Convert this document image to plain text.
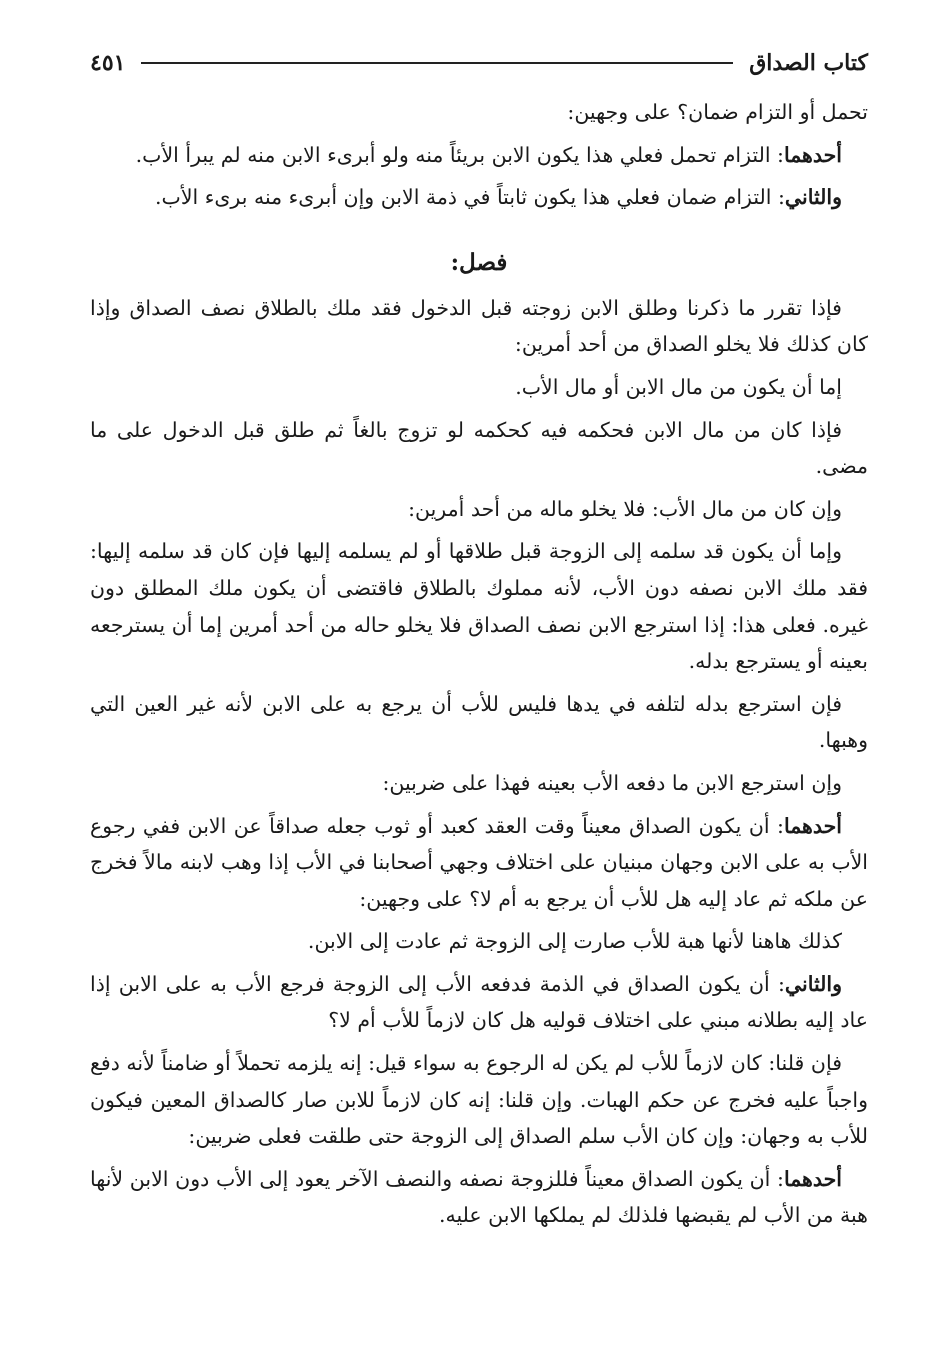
كتاب الصداق
٤٥١

تحمل أو التزام ضمان؟ على وجهين:

أحدهما: التزام تحمل فعلي هذا يكون الابن بريئاً منه ولو أبرىء الابن منه لم يبرأ الأب.

والثاني: التزام ضمان فعلي هذا يكون ثابتاً في ذمة الابن وإن أبرىء منه برىء الأب.

فصل:

فإذا تقرر ما ذكرنا وطلق الابن زوجته قبل الدخول فقد ملك بالطلاق نصف الصداق وإذا كان كذلك فلا يخلو الصداق من أحد أمرين:

إما أن يكون من مال الابن أو مال الأب.

فإذا كان من مال الابن فحكمه فيه كحكمه لو تزوج بالغاً ثم طلق قبل الدخول على ما مضى.

وإن كان من مال الأب: فلا يخلو ماله من أحد أمرين:

وإما أن يكون قد سلمه إلى الزوجة قبل طلاقها أو لم يسلمه إليها فإن كان قد سلمه إليها: فقد ملك الابن نصفه دون الأب، لأنه مملوك بالطلاق فاقتضى أن يكون ملك المطلق دون غيره. فعلى هذا: إذا استرجع الابن نصف الصداق فلا يخلو حاله من أحد أمرين إما أن يسترجعه بعينه أو يسترجع بدله.

فإن استرجع بدله لتلفه في يدها فليس للأب أن يرجع به على الابن لأنه غير العين التي وهبها.

وإن استرجع الابن ما دفعه الأب بعينه فهذا على ضربين:

أحدهما: أن يكون الصداق معيناً وقت العقد كعبد أو ثوب جعله صداقاً عن الابن ففي رجوع الأب به على الابن وجهان مبنيان على اختلاف وجهي أصحابنا في الأب إذا وهب لابنه مالاً فخرج عن ملكه ثم عاد إليه هل للأب أن يرجع به أم لا؟ على وجهين:

كذلك هاهنا لأنها هبة للأب صارت إلى الزوجة ثم عادت إلى الابن.

والثاني: أن يكون الصداق في الذمة فدفعه الأب إلى الزوجة فرجع الأب به على الابن إذا عاد إليه بطلانه مبني على اختلاف قوليه هل كان لازماً للأب أم لا؟

فإن قلنا: كان لازماً للأب لم يكن له الرجوع به سواء قيل: إنه يلزمه تحملاً أو ضامناً لأنه دفع واجباً عليه فخرج عن حكم الهبات. وإن قلنا: إنه كان لازماً للابن صار كالصداق المعين فيكون للأب به وجهان: وإن كان الأب سلم الصداق إلى الزوجة حتى طلقت فعلى ضربين:

أحدهما: أن يكون الصداق معيناً فللزوجة نصفه والنصف الآخر يعود إلى الأب دون الابن لأنها هبة من الأب لم يقبضها فلذلك لم يملكها الابن عليه.
